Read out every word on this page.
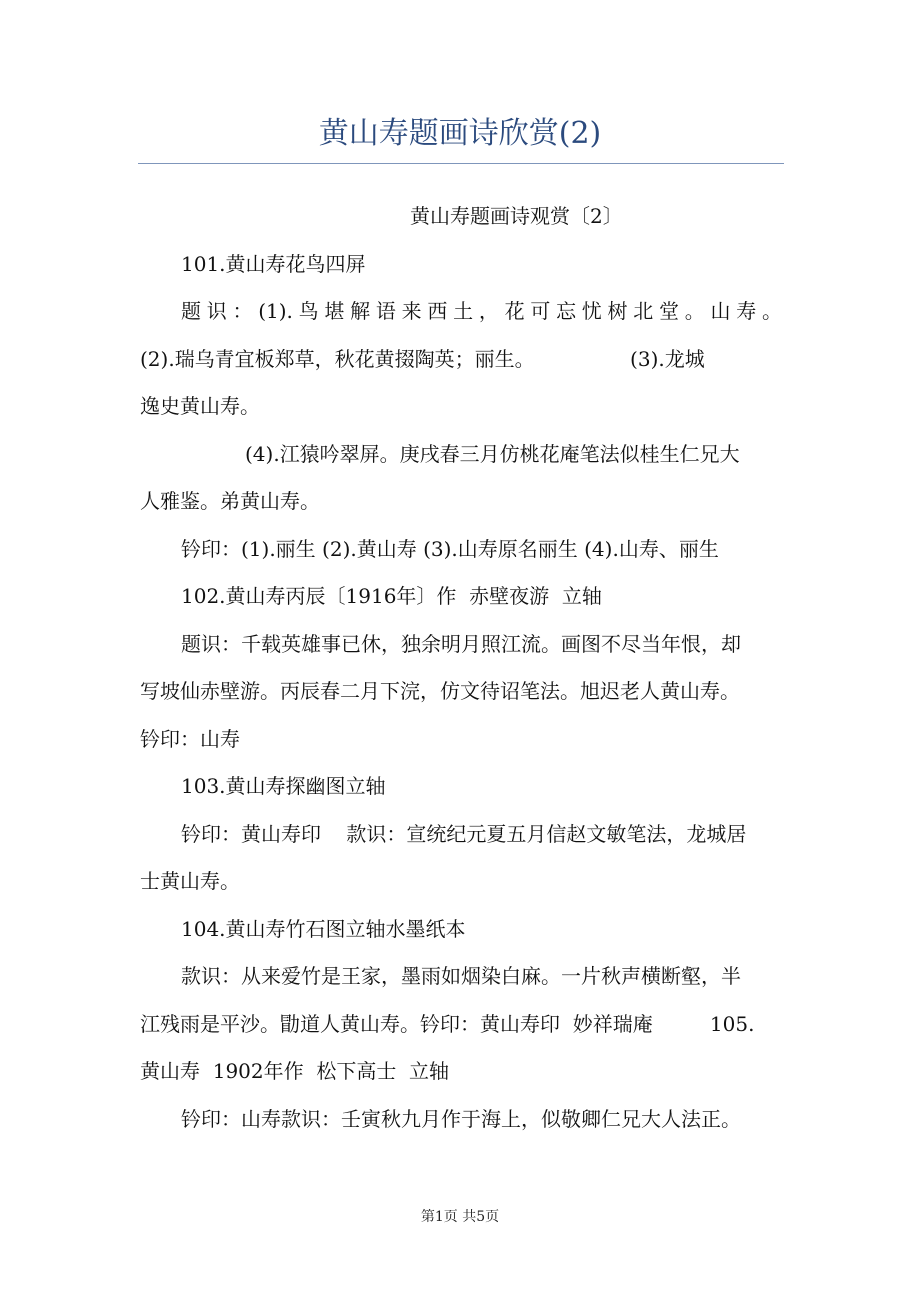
黄山寿题画诗欣赏(2)
黄山寿题画诗观赏〔2〕
101.黄山寿花鸟四屏
题识：(1).鸟堪解语来西土，花可忘忧树北堂。山寿。
(2).瑞乌青宜板郑草，秋花黄掇陶英；丽生。               (3).龙城
逸史黄山寿。
(4).江猿吟翠屏。庚戌春三月仿桃花庵笔法似桂生仁兄大
人雅鉴。弟黄山寿。
钤印：(1).丽生 (2).黄山寿 (3).山寿原名丽生 (4).山寿、丽生
102.黄山寿丙辰〔1916年〕作  赤壁夜游  立轴
题识：千载英雄事已休，独余明月照江流。画图不尽当年恨，却
写坡仙赤壁游。丙辰春二月下浣，仿文待诏笔法。旭迟老人黄山寿。
钤印：山寿
103.黄山寿探幽图立轴
钤印：黄山寿印    款识：宣统纪元夏五月信赵文敏笔法，龙城居
士黄山寿。
104.黄山寿竹石图立轴水墨纸本
款识：从来爱竹是王家，墨雨如烟染白麻。一片秋声横断壑，半
江残雨是平沙。勖道人黄山寿。钤印：黄山寿印  妙祥瑞庵         105.
黄山寿  1902年作  松下高士  立轴
钤印：山寿款识：壬寅秋九月作于海上，似敬卿仁兄大人法正。
第1页 共5页
